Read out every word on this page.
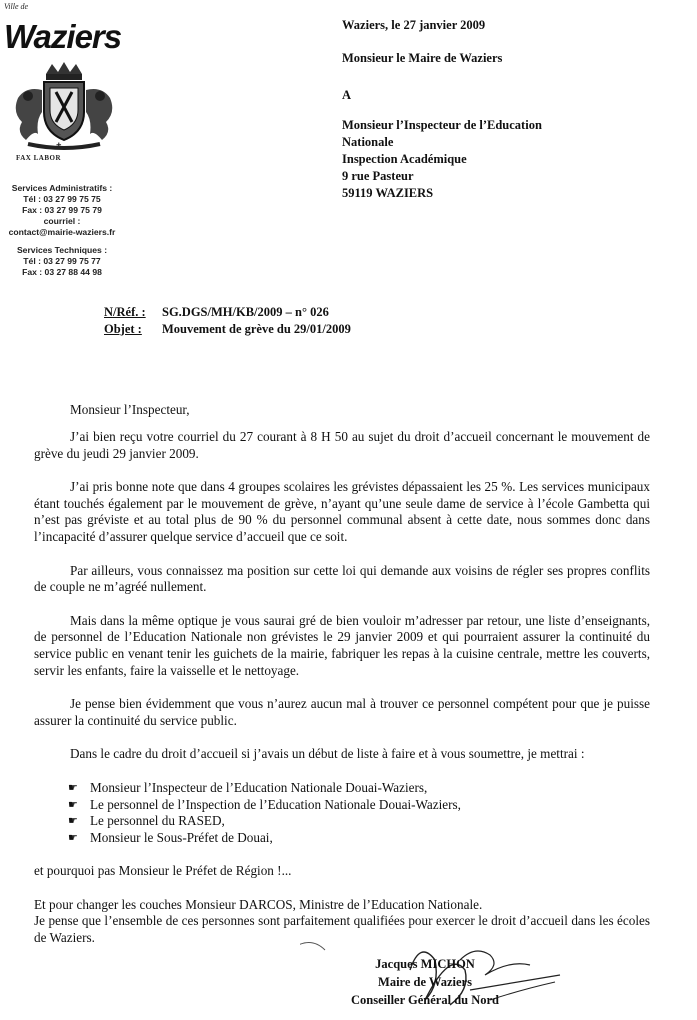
Ville de
Waziers
FAX LABOR
✝
Services Administratifs :
Tél : 03 27 99 75 75
Fax : 03 27 99 75 79
courriel :
contact@mairie-waziers.fr
Services Techniques :
Tél : 03 27 99 75 77
Fax : 03 27 88 44 98
Waziers, le 27 janvier 2009
Monsieur le Maire de Waziers
A
Monsieur l’Inspecteur de l’Education
Nationale
Inspection Académique
9 rue Pasteur
59119 WAZIERS
N/Réf. : SG.DGS/MH/KB/2009 – n° 026
Objet : Mouvement de grève du 29/01/2009
Monsieur l’Inspecteur,

J’ai bien reçu votre courriel du 27 courant à 8 H 50 au sujet du droit d’accueil concernant le mouvement de grève du jeudi 29 janvier 2009.

J’ai pris bonne note que dans 4 groupes scolaires les grévistes dépassaient les 25 %. Les services municipaux étant touchés également par le mouvement de grève, n’ayant qu’une seule dame de service à l’école Gambetta qui n’est pas gréviste et au total plus de 90 % du personnel communal absent à cette date, nous sommes donc dans l’incapacité d’assurer quelque service d’accueil que ce soit.

Par ailleurs, vous connaissez ma position sur cette loi qui demande aux voisins de régler ses propres conflits de couple ne m’agréé nullement.

Mais dans la même optique je vous saurai gré de bien vouloir m’adresser par retour, une liste d’enseignants, de personnel de l’Education Nationale non grévistes le 29 janvier 2009 et qui pourraient assurer la continuité du service public en venant tenir les guichets de la mairie, fabriquer les repas à la cuisine centrale, mettre les couverts, servir les enfants, faire la vaisselle et le nettoyage.

Je pense bien évidemment que vous n’aurez aucun mal à trouver ce personnel compétent pour que je puisse assurer la continuité du service public.

Dans le cadre du droit d’accueil si j’avais un début de liste à faire et à vous soumettre, je mettrai :

☛ Monsieur l’Inspecteur de l’Education Nationale Douai-Waziers,
☛ Le personnel de l’Inspection de l’Education Nationale Douai-Waziers,
☛ Le personnel du RASED,
☛ Monsieur le Sous-Préfet de Douai,

et pourquoi pas Monsieur le Préfet de Région !...

Et pour changer les couches Monsieur DARCOS, Ministre de l’Education Nationale.

Je pense que l’ensemble de ces personnes sont parfaitement qualifiées pour exercer le droit d’accueil dans les écoles de Waziers.

Jacques MICHON
Maire de Waziers
Conseiller Général du Nord
